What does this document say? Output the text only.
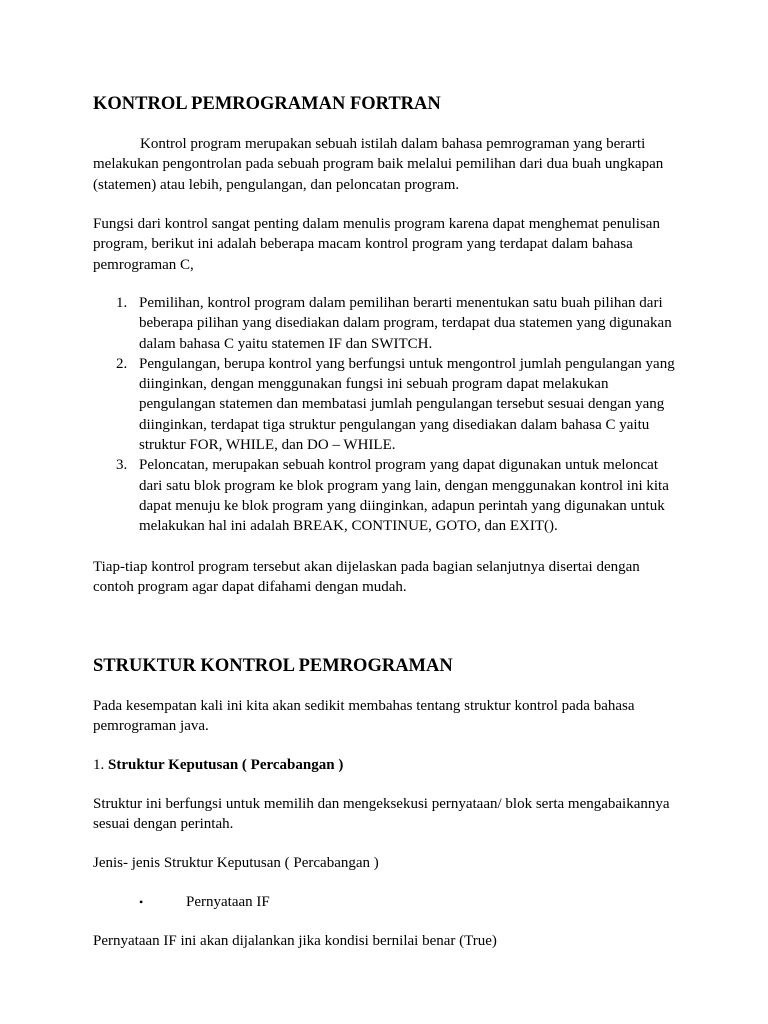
KONTROL PEMROGRAMAN FORTRAN

Kontrol program merupakan sebuah istilah dalam bahasa pemrograman yang berarti melakukan pengontrolan pada sebuah program baik melalui pemilihan dari dua buah ungkapan (statemen) atau lebih, pengulangan, dan peloncatan program.

Fungsi dari kontrol sangat penting dalam menulis program karena dapat menghemat penulisan program, berikut ini adalah beberapa macam kontrol program yang terdapat dalam bahasa pemrograman C,

1. Pemilihan, kontrol program dalam pemilihan berarti menentukan satu buah pilihan dari beberapa pilihan yang disediakan dalam program, terdapat dua statemen yang digunakan dalam bahasa C yaitu statemen IF dan SWITCH.
2. Pengulangan, berupa kontrol yang berfungsi untuk mengontrol jumlah pengulangan yang diinginkan, dengan menggunakan fungsi ini sebuah program dapat melakukan pengulangan statemen dan membatasi jumlah pengulangan tersebut sesuai dengan yang diinginkan, terdapat tiga struktur pengulangan yang disediakan dalam bahasa C yaitu struktur FOR, WHILE, dan DO – WHILE.
3. Peloncatan, merupakan sebuah kontrol program yang dapat digunakan untuk meloncat dari satu blok program ke blok program yang lain, dengan menggunakan kontrol ini kita dapat menuju ke blok program yang diinginkan, adapun perintah yang digunakan untuk melakukan hal ini adalah BREAK, CONTINUE, GOTO, dan EXIT().

Tiap-tiap kontrol program tersebut akan dijelaskan pada bagian selanjutnya disertai dengan contoh program agar dapat difahami dengan mudah.

STRUKTUR KONTROL PEMROGRAMAN

Pada kesempatan kali ini kita akan sedikit membahas tentang struktur kontrol pada bahasa pemrograman java.

1. Struktur Keputusan ( Percabangan )

Struktur ini berfungsi untuk memilih dan mengeksekusi pernyataan/ blok serta mengabaikannya sesuai dengan perintah.

Jenis- jenis Struktur Keputusan ( Percabangan )

•	Pernyataan IF

Pernyataan IF ini akan dijalankan jika kondisi bernilai benar (True)
